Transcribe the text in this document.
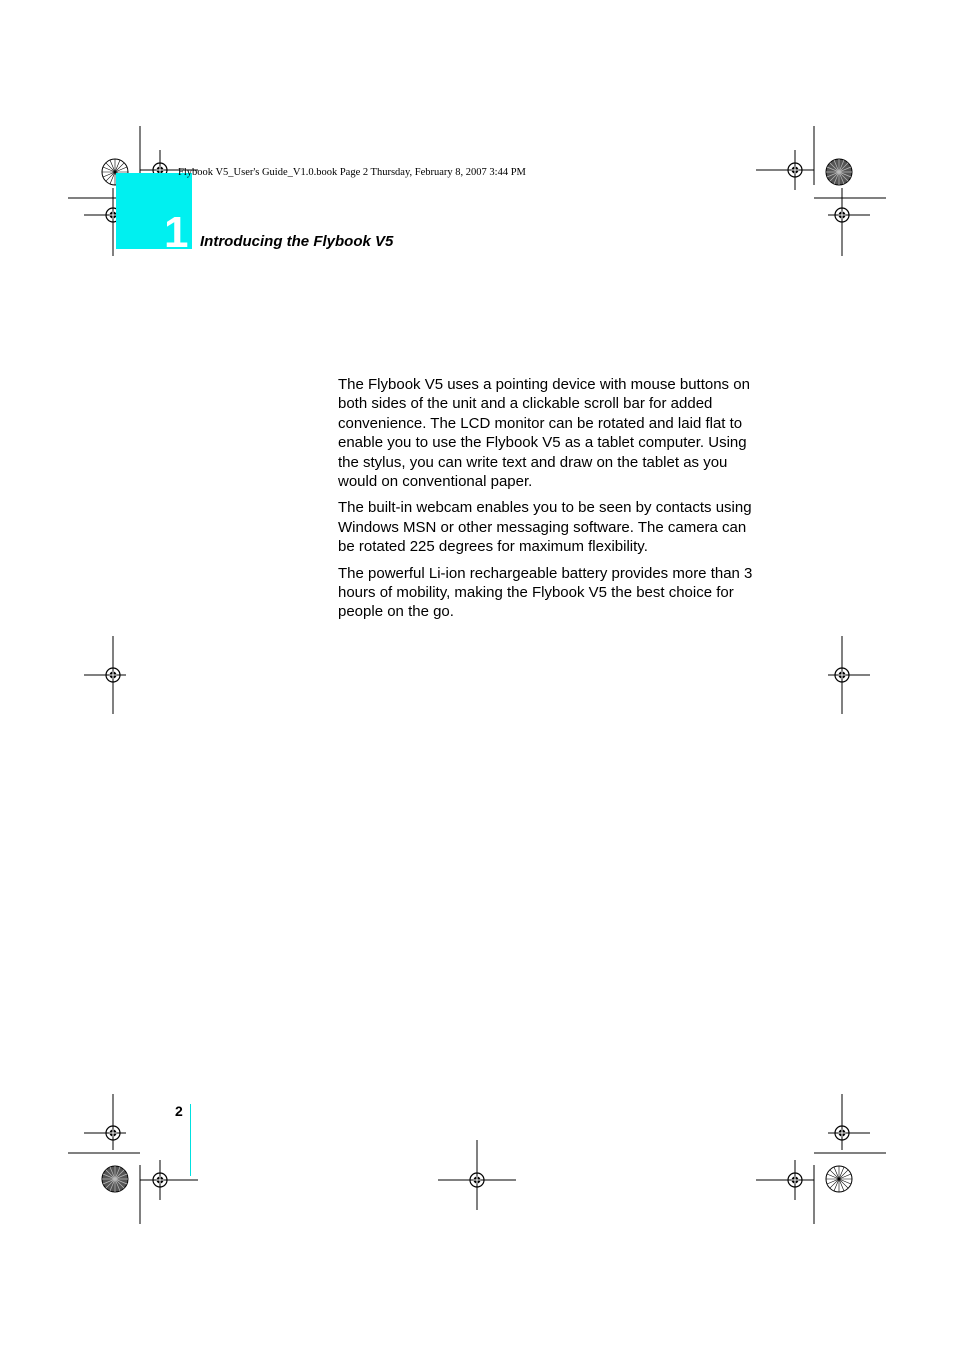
Flybook V5_User's Guide_V1.0.book Page 2 Thursday, February 8, 2007 3:44 PM
1 Introducing the Flybook V5

The Flybook V5 uses a pointing device with mouse buttons on both sides of the unit and a clickable scroll bar for added convenience. The LCD monitor can be rotated and laid flat to enable you to use the Flybook V5 as a tablet computer. Using the stylus, you can write text and draw on the tablet as you would on conventional paper.

The built-in webcam enables you to be seen by contacts using Windows MSN or other messaging software. The camera can be rotated 225 degrees for maximum flexibility.

The powerful Li-ion rechargeable battery provides more than 3 hours of mobility, making the Flybook V5 the best choice for people on the go.

2
